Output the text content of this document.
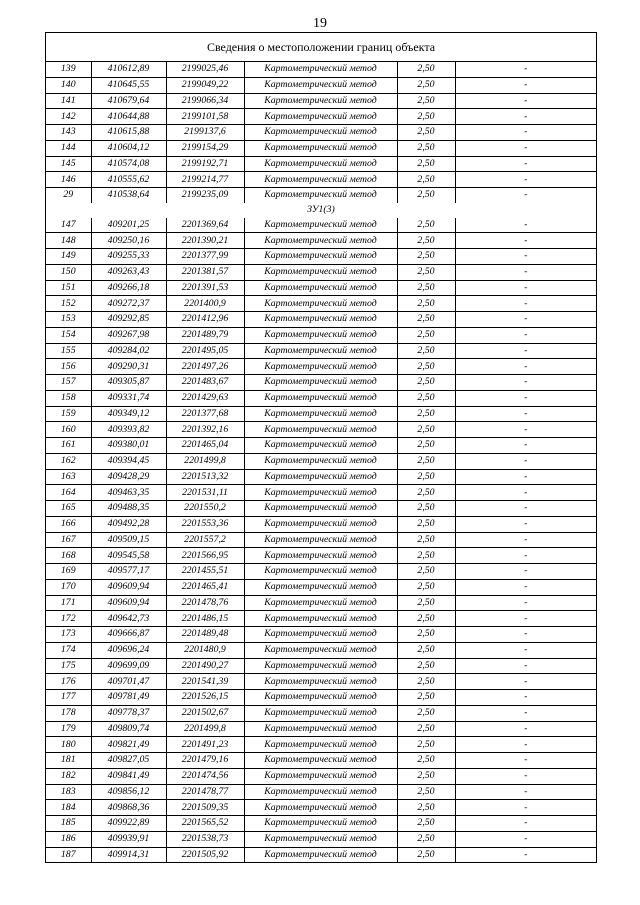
19
Сведения о местоположении границ объекта
139	410612,89	2199025,46	Картометрический метод	2,50	-
140	410645,55	2199049,22	Картометрический метод	2,50	-
141	410679,64	2199066,34	Картометрический метод	2,50	-
142	410644,88	2199101,58	Картометрический метод	2,50	-
143	410615,88	2199137,6	Картометрический метод	2,50	-
144	410604,12	2199154,29	Картометрический метод	2,50	-
145	410574,08	2199192,71	Картометрический метод	2,50	-
146	410555,62	2199214,77	Картометрический метод	2,50	-
29	410538,64	2199235,09	Картометрический метод	2,50	-
ЗУ1(3)					
147	409201,25	2201369,64	Картометрический метод	2,50	-
148	409250,16	2201390,21	Картометрический метод	2,50	-
149	409255,33	2201377,99	Картометрический метод	2,50	-
150	409263,43	2201381,57	Картометрический метод	2,50	-
151	409266,18	2201391,53	Картометрический метод	2,50	-
152	409272,37	2201400,9	Картометрический метод	2,50	-
153	409292,85	2201412,96	Картометрический метод	2,50	-
154	409267,98	2201489,79	Картометрический метод	2,50	-
155	409284,02	2201495,05	Картометрический метод	2,50	-
156	409290,31	2201497,26	Картометрический метод	2,50	-
157	409305,87	2201483,67	Картометрический метод	2,50	-
158	409331,74	2201429,63	Картометрический метод	2,50	-
159	409349,12	2201377,68	Картометрический метод	2,50	-
160	409393,82	2201392,16	Картометрический метод	2,50	-
161	409380,01	2201465,04	Картометрический метод	2,50	-
162	409394,45	2201499,8	Картометрический метод	2,50	-
163	409428,29	2201513,32	Картометрический метод	2,50	-
164	409463,35	2201531,11	Картометрический метод	2,50	-
165	409488,35	2201550,2	Картометрический метод	2,50	-
166	409492,28	2201553,36	Картометрический метод	2,50	-
167	409509,15	2201557,2	Картометрический метод	2,50	-
168	409545,58	2201566,95	Картометрический метод	2,50	-
169	409577,17	2201455,51	Картометрический метод	2,50	-
170	409609,94	2201465,41	Картометрический метод	2,50	-
171	409609,94	2201478,76	Картометрический метод	2,50	-
172	409642,73	2201486,15	Картометрический метод	2,50	-
173	409666,87	2201489,48	Картометрический метод	2,50	-
174	409696,24	2201480,9	Картометрический метод	2,50	-
175	409699,09	2201490,27	Картометрический метод	2,50	-
176	409701,47	2201541,39	Картометрический метод	2,50	-
177	409781,49	2201526,15	Картометрический метод	2,50	-
178	409778,37	2201502,67	Картометрический метод	2,50	-
179	409809,74	2201499,8	Картометрический метод	2,50	-
180	409821,49	2201491,23	Картометрический метод	2,50	-
181	409827,05	2201479,16	Картометрический метод	2,50	-
182	409841,49	2201474,56	Картометрический метод	2,50	-
183	409856,12	2201478,77	Картометрический метод	2,50	-
184	409868,36	2201509,35	Картометрический метод	2,50	-
185	409922,89	2201565,52	Картометрический метод	2,50	-
186	409939,91	2201538,73	Картометрический метод	2,50	-
187	409914,31	2201505,92	Картометрический метод	2,50	-
